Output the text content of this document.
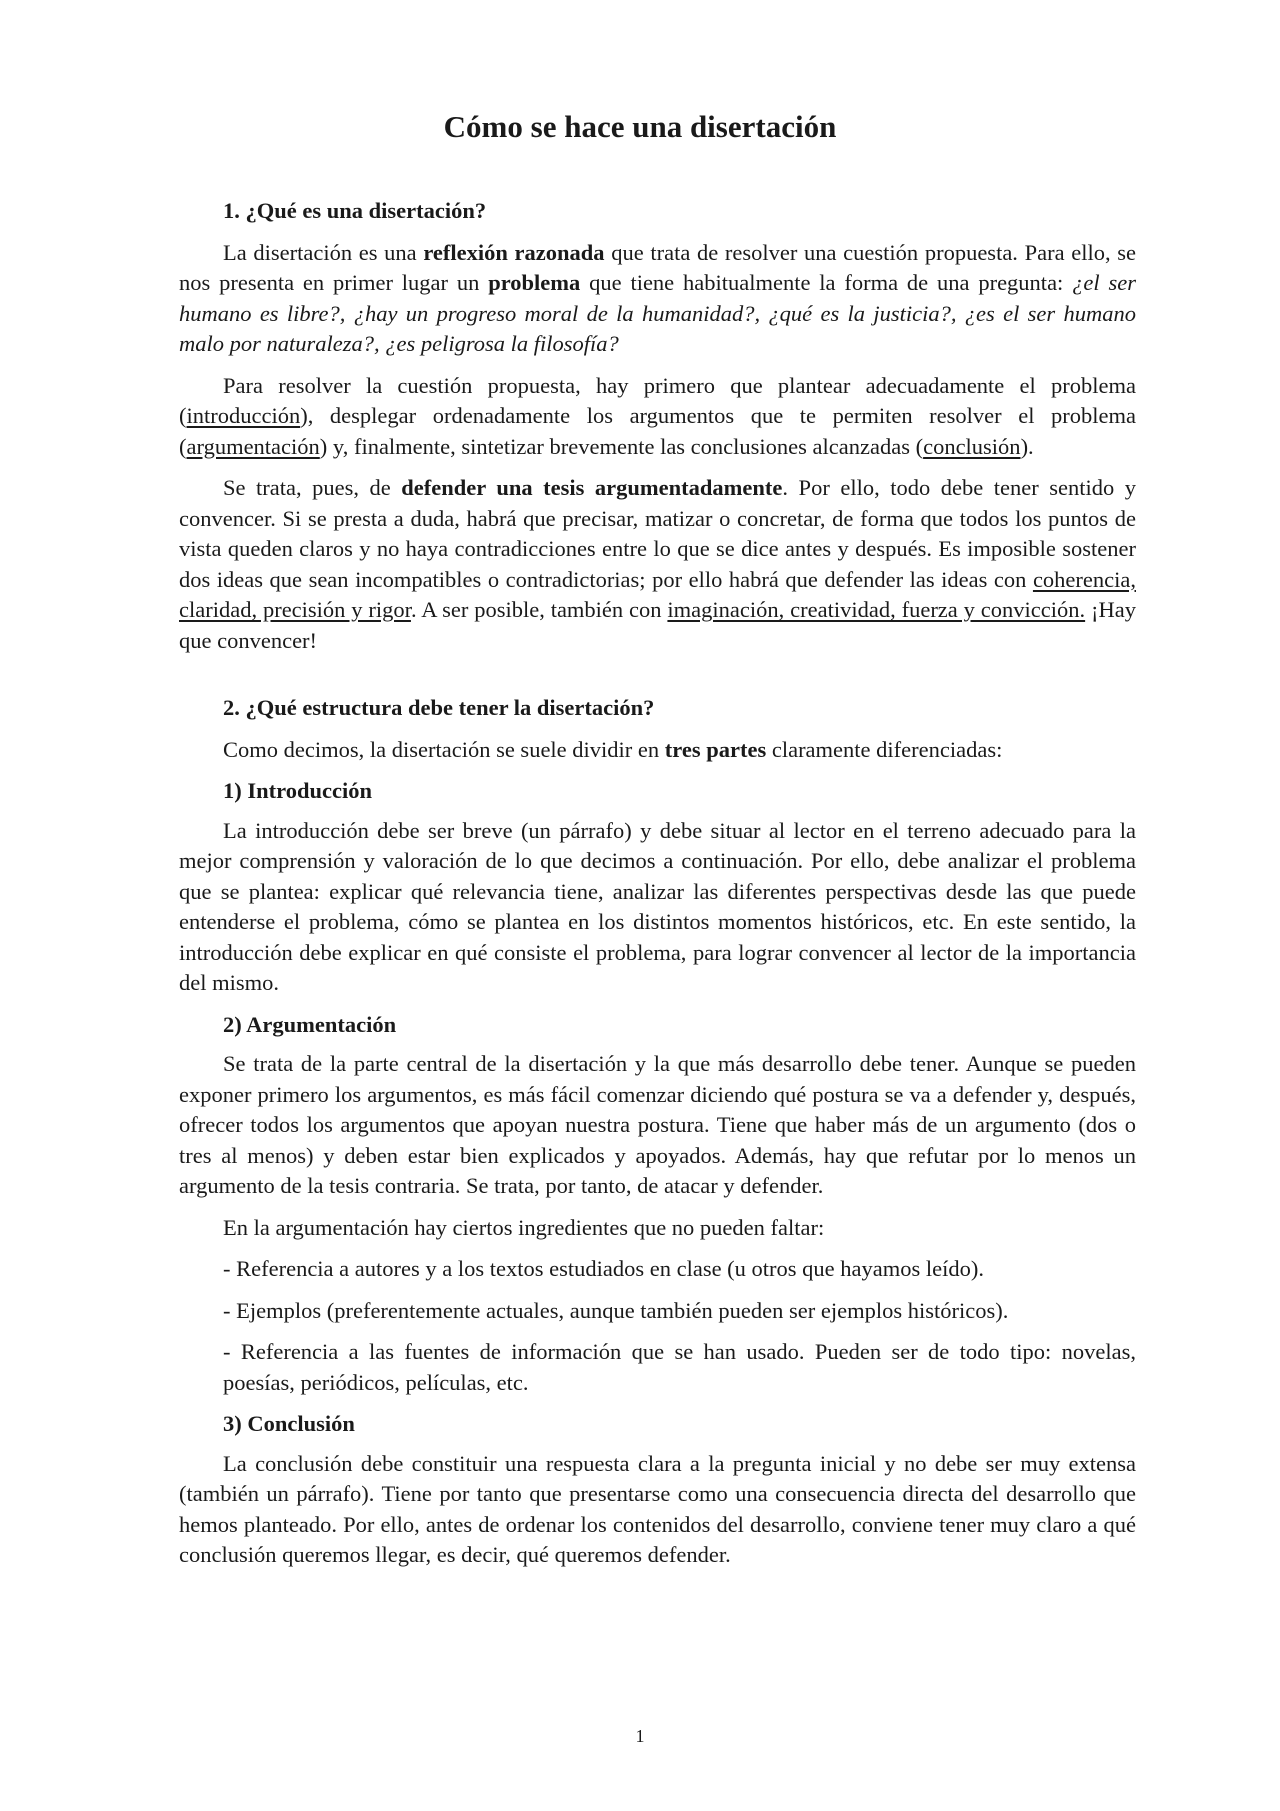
Cómo se hace una disertación
1. ¿Qué es una disertación?

La disertación es una reflexión razonada que trata de resolver una cuestión propuesta. Para ello, se nos presenta en primer lugar un problema que tiene habitualmente la forma de una pregunta: ¿el ser humano es libre?, ¿hay un progreso moral de la humanidad?, ¿qué es la justicia?, ¿es el ser humano malo por naturaleza?, ¿es peligrosa la filosofía?

Para resolver la cuestión propuesta, hay primero que plantear adecuadamente el problema (introducción), desplegar ordenadamente los argumentos que te permiten resolver el problema (argumentación) y, finalmente, sintetizar brevemente las conclusiones alcanzadas (conclusión).

Se trata, pues, de defender una tesis argumentadamente. Por ello, todo debe tener sentido y convencer. Si se presta a duda, habrá que precisar, matizar o concretar, de forma que todos los puntos de vista queden claros y no haya contradicciones entre lo que se dice antes y después. Es imposible sostener dos ideas que sean incompatibles o contradictorias; por ello habrá que defender las ideas con coherencia, claridad, precisión y rigor. A ser posible, también con imaginación, creatividad, fuerza y convicción. ¡Hay que convencer!

2. ¿Qué estructura debe tener la disertación?

Como decimos, la disertación se suele dividir en tres partes claramente diferenciadas:

1) Introducción

La introducción debe ser breve (un párrafo) y debe situar al lector en el terreno adecuado para la mejor comprensión y valoración de lo que decimos a continuación. Por ello, debe analizar el problema que se plantea: explicar qué relevancia tiene, analizar las diferentes perspectivas desde las que puede entenderse el problema, cómo se plantea en los distintos momentos históricos, etc. En este sentido, la introducción debe explicar en qué consiste el problema, para lograr convencer al lector de la importancia del mismo.

2) Argumentación

Se trata de la parte central de la disertación y la que más desarrollo debe tener. Aunque se pueden exponer primero los argumentos, es más fácil comenzar diciendo qué postura se va a defender y, después, ofrecer todos los argumentos que apoyan nuestra postura. Tiene que haber más de un argumento (dos o tres al menos) y deben estar bien explicados y apoyados. Además, hay que refutar por lo menos un argumento de la tesis contraria. Se trata, por tanto, de atacar y defender.

En la argumentación hay ciertos ingredientes que no pueden faltar:

- Referencia a autores y a los textos estudiados en clase (u otros que hayamos leído).

- Ejemplos (preferentemente actuales, aunque también pueden ser ejemplos históricos).

- Referencia a las fuentes de información que se han usado. Pueden ser de todo tipo: novelas, poesías, periódicos, películas, etc.

3) Conclusión

La conclusión debe constituir una respuesta clara a la pregunta inicial y no debe ser muy extensa (también un párrafo). Tiene por tanto que presentarse como una consecuencia directa del desarrollo que hemos planteado. Por ello, antes de ordenar los contenidos del desarrollo, conviene tener muy claro a qué conclusión queremos llegar, es decir, qué queremos defender.

1
